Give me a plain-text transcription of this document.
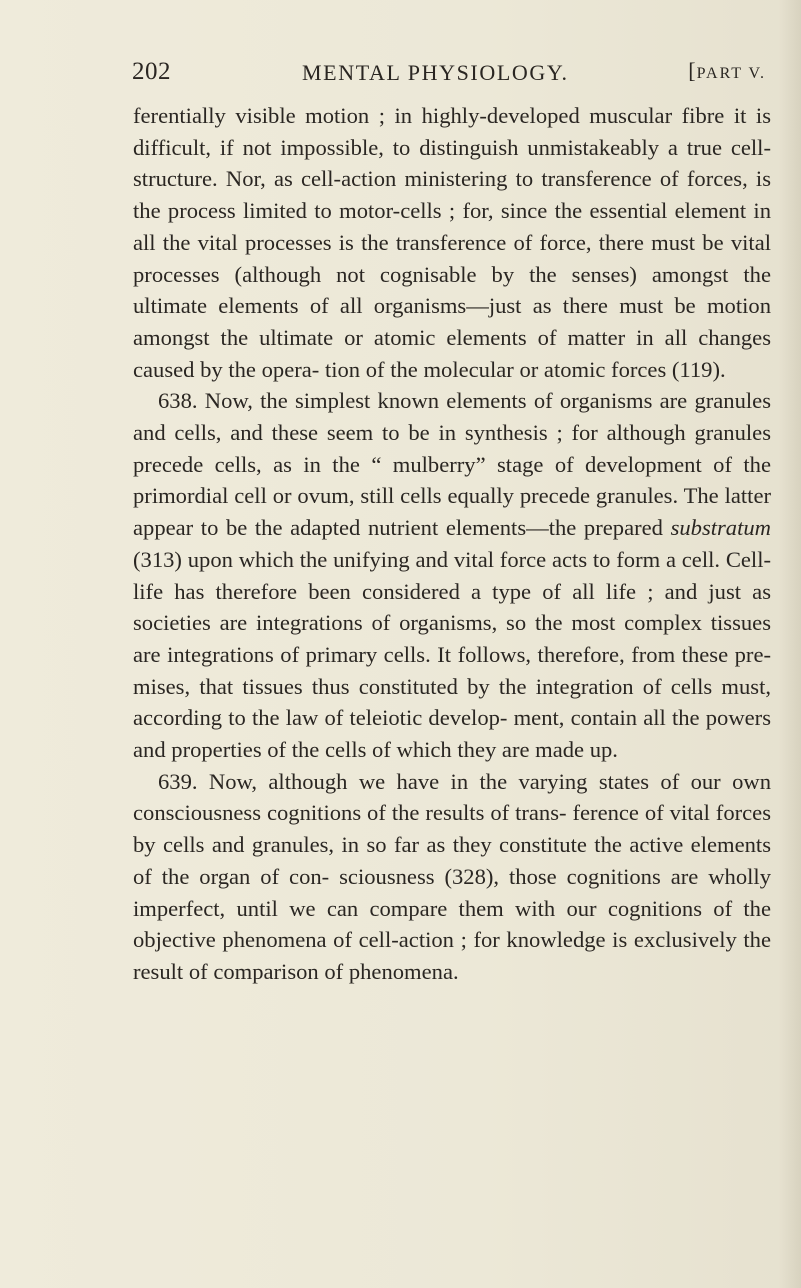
202	MENTAL PHYSIOLOGY.	[PART V.

ferentially visible motion ; in highly-developed muscular fibre it is difficult, if not impossible, to distinguish unmistakeably a true cell-structure. Nor, as cell-action ministering to transference of forces, is the process limited to motor-cells ; for, since the essential element in all the vital processes is the transference of force, there must be vital processes (although not cognisable by the senses) amongst the ultimate elements of all organisms—just as there must be motion amongst the ultimate or atomic elements of matter in all changes caused by the opera- tion of the molecular or atomic forces (119).

638. Now, the simplest known elements of organisms are granules and cells, and these seem to be in synthesis ; for although granules precede cells, as in the “ mulberry” stage of development of the primordial cell or ovum, still cells equally precede granules. The latter appear to be the adapted nutrient elements—the prepared substratum (313) upon which the unifying and vital force acts to form a cell. Cell-life has therefore been considered a type of all life ; and just as societies are integrations of organisms, so the most complex tissues are integrations of primary cells. It follows, therefore, from these pre- mises, that tissues thus constituted by the integration of cells must, according to the law of teleiotic develop- ment, contain all the powers and properties of the cells of which they are made up.

639. Now, although we have in the varying states of our own consciousness cognitions of the results of trans- ference of vital forces by cells and granules, in so far as they constitute the active elements of the organ of con- sciousness (328), those cognitions are wholly imperfect, until we can compare them with our cognitions of the objective phenomena of cell-action ; for knowledge is exclusively the result of comparison of phenomena.
